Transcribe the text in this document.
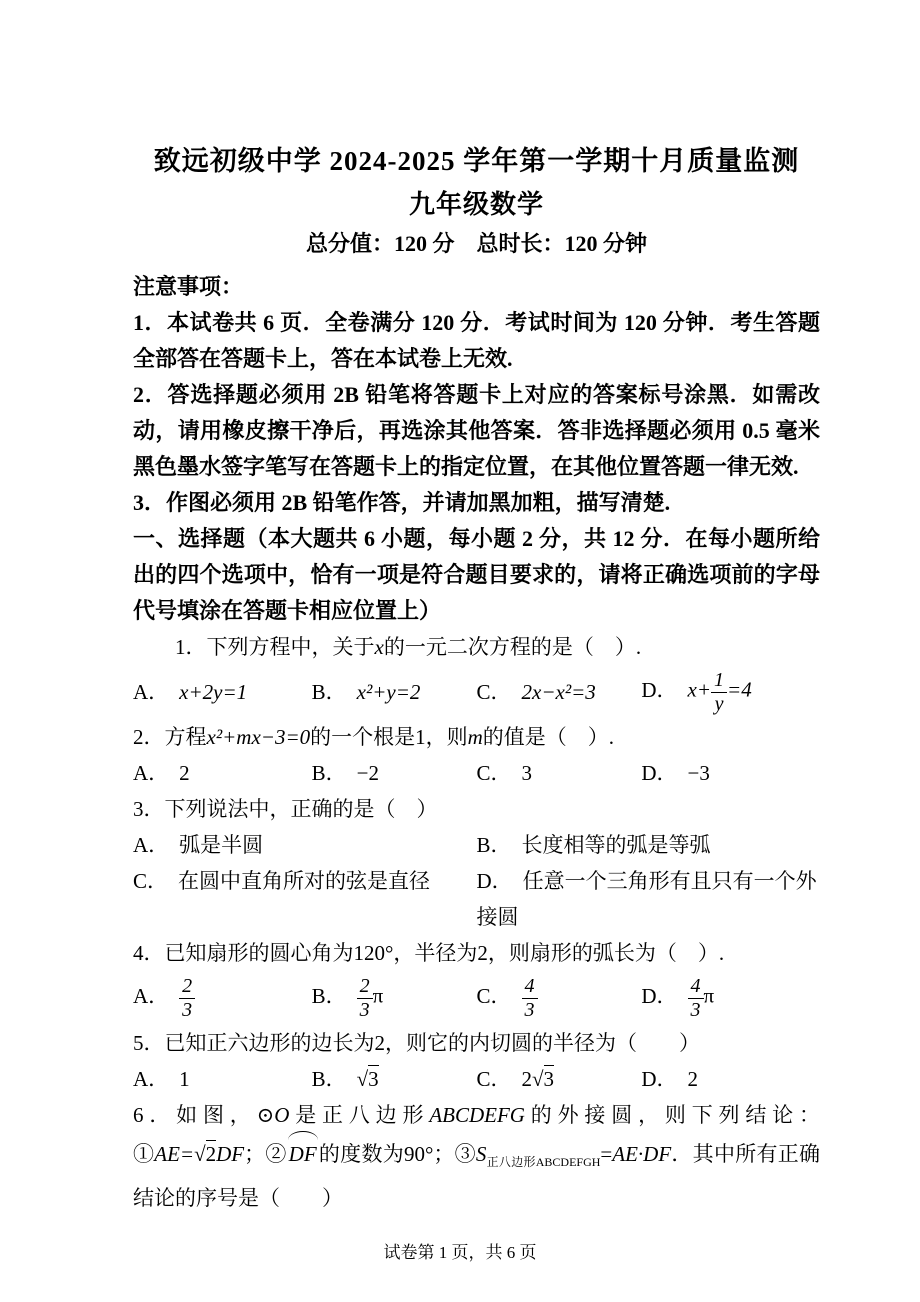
致远初级中学 2024-2025 学年第一学期十月质量监测
九年级数学

总分值：120 分　总时长：120 分钟

注意事项：

1．本试卷共 6 页．全卷满分 120 分．考试时间为 120 分钟．考生答题全部答在答题卡上，答在本试卷上无效.

2．答选择题必须用 2B 铅笔将答题卡上对应的答案标号涂黑．如需改动，请用橡皮擦干净后，再选涂其他答案．答非选择题必须用 0.5 毫米黑色墨水签字笔写在答题卡上的指定位置，在其他位置答题一律无效.

3．作图必须用 2B 铅笔作答，并请加黑加粗，描写清楚.

一、选择题（本大题共 6 小题，每小题 2 分，共 12 分．在每小题所给出的四个选项中，恰有一项是符合题目要求的，请将正确选项前的字母代号填涂在答题卡相应位置上）

1．下列方程中，关于x的一元二次方程的是（　）.

A． x+2y=1	B． x²+y=2	C． 2x−x²=3	D． $x+ \frac{1}{y} =4$

2．方程x²+mx−3=0的一个根是1，则m的值是（　）.

A． 2	B． −2	C． 3	D． −3

3．下列说法中，正确的是（　）

A． 弧是半圆	B． 长度相等的弧是等弧
C． 在圆中直角所对的弦是直径	D． 任意一个三角形有且只有一个外接圆

4．已知扇形的圆心角为120°，半径为2，则扇形的弧长为（　）.

A． $\frac{2}{3}$	B． $\frac{2}{3}$ π	C． $\frac{4}{3}$	D． $\frac{4}{3}$ π

5．已知正六边形的边长为2，则它的内切圆的半径为（　　）

A． 1	B． √ 3	C． 2 √ 3	D． 2

6．如图，⊙O是正八边形ABCDEFG的外接圆，则下列结论：①AE= √ 2DF；②DF的度数为90°；$③S_{正八边形ABCDEFGH}=AE\cdot DF$．其中所有正确结论的序号是（　　）

试卷第 1 页，共 6 页
